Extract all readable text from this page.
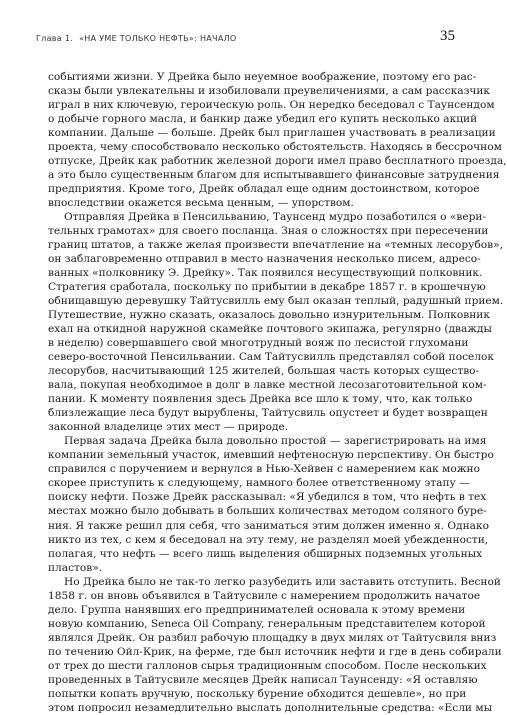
Глава 1. «НА УМЕ ТОЛЬКО НЕФТЬ»: НАЧАЛО	35
событиями жизни. У Дрейка было неуемное воображение, поэтому его рас-
сказы были увлекательны и изобиловали преувеличениями, а сам рассказчик
играл в них ключевую, героическую роль. Он нередко беседовал с Таунсендом
о добыче горного масла, и банкир даже убедил его купить несколько акций
компании. Дальше — больше. Дрейк был приглашен участвовать в реализации
проекта, чему способствовало несколько обстоятельств. Находясь в бессрочном
отпуске, Дрейк как работник железной дороги имел право бесплатного проезда,
а это было существенным благом для испытывавшего финансовые затруднения
предприятия. Кроме того, Дрейк обладал еще одним достоинством, которое
впоследствии окажется весьма ценным, — упорством.
Отправляя Дрейка в Пенсильванию, Таунсенд мудро позаботился о «вери-
тельных грамотах» для своего посланца. Зная о сложностях при пересечении
границ штатов, а также желая произвести впечатление на «темных лесорубов»,
он заблаговременно отправил в место назначения несколько писем, адресо-
ванных «полковнику Э. Дрейку». Так появился несуществующий полковник.
Стратегия сработала, поскольку по прибытии в декабре 1857 г. в крошечную
обнищавшую деревушку Тайтусвилль ему был оказан теплый, радушный прием.
Путешествие, нужно сказать, оказалось довольно изнурительным. Полковник
ехал на откидной наружной скамейке почтового экипажа, регулярно (дважды
в неделю) совершавшего свой многотрудный вояж по лесистой глухомани
северо-восточной Пенсильвании. Сам Тайтусвилль представлял собой поселок
лесорубов, насчитывающий 125 жителей, большая часть которых существо-
вала, покупая необходимое в долг в лавке местной лесозаготовительной ком-
пании. К моменту появления здесь Дрейка все шло к тому, что, как только
близлежащие леса будут вырублены, Тайтусвиль опустеет и будет возвращен
законной владелице этих мест — природе.
Первая задача Дрейка была довольно простой — зарегистрировать на имя
компании земельный участок, имевший нефтеносную перспективу. Он быстро
справился с поручением и вернулся в Нью-Хейвен с намерением как можно
скорее приступить к следующему, намного более ответственному этапу —
поиску нефти. Позже Дрейк рассказывал: «Я убедился в том, что нефть в тех
местах можно было добывать в больших количествах методом соляного буре-
ния. Я также решил для себя, что заниматься этим должен именно я. Однако
никто из тех, с кем я беседовал на эту тему, не разделял моей убежденности,
полагая, что нефть — всего лишь выделения обширных подземных угольных
пластов».
Но Дрейка было не так-то легко разубедить или заставить отступить. Весной
1858 г. он вновь объявился в Тайтусвиле с намерением продолжить начатое
дело. Группа нанявших его предпринимателей основала к этому времени
новую компанию, Seneca Oil Company, генеральным представителем которой
являлся Дрейк. Он разбил рабочую площадку в двух милях от Тайтусвиля вниз
по течению Ойл-Крик, на ферме, где был источник нефти и где в день собирали
от трех до шести галлонов сырья традиционным способом. После нескольких
проведенных в Тайтусвиле месяцев Дрейк написал Таунсенду: «Я оставляю
попытки копать вручную, поскольку бурение обходится дешевле», но при
этом попросил незамедлительно выслать дополнительные средства: «Если мы
